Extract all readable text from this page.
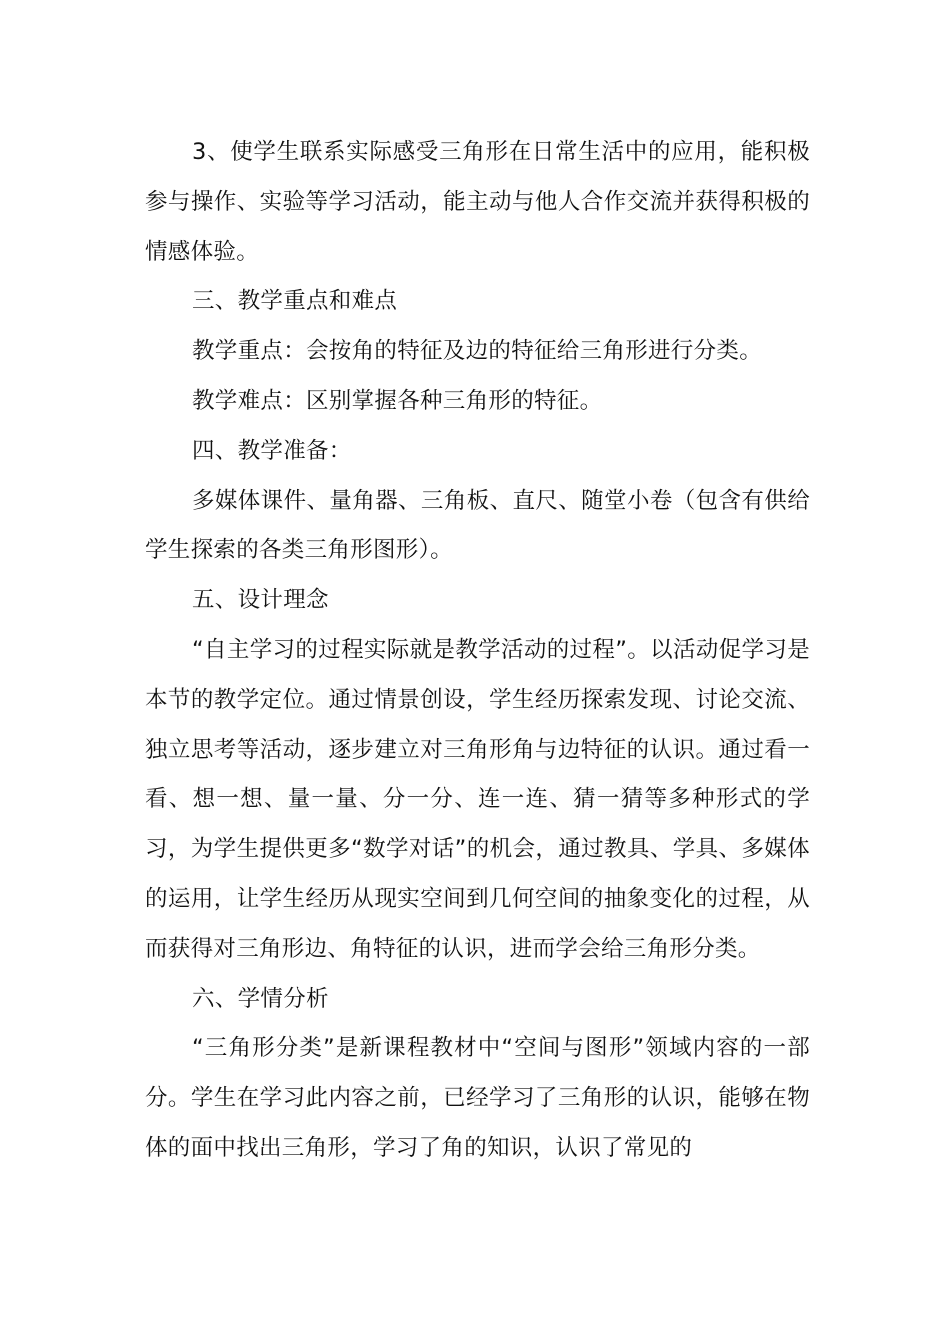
3、使学生联系实际感受三角形在日常生活中的应用，能积极参与操作、实验等学习活动，能主动与他人合作交流并获得积极的情感体验。

三、教学重点和难点

教学重点：会按角的特征及边的特征给三角形进行分类。

教学难点：区别掌握各种三角形的特征。

四、教学准备：

多媒体课件、量角器、三角板、直尺、随堂小卷（包含有供给学生探索的各类三角形图形）。

五、设计理念

“自主学习的过程实际就是教学活动的过程”。以活动促学习是本节的教学定位。通过情景创设，学生经历探索发现、讨论交流、独立思考等活动，逐步建立对三角形角与边特征的认识。通过看一看、想一想、量一量、分一分、连一连、猜一猜等多种形式的学习，为学生提供更多“数学对话”的机会，通过教具、学具、多媒体的运用，让学生经历从现实空间到几何空间的抽象变化的过程，从而获得对三角形边、角特征的认识，进而学会给三角形分类。

六、学情分析

“三角形分类”是新课程教材中“空间与图形”领域内容的一部分。学生在学习此内容之前，已经学习了三角形的认识，能够在物体的面中找出三角形，学习了角的知识，认识了常见的
